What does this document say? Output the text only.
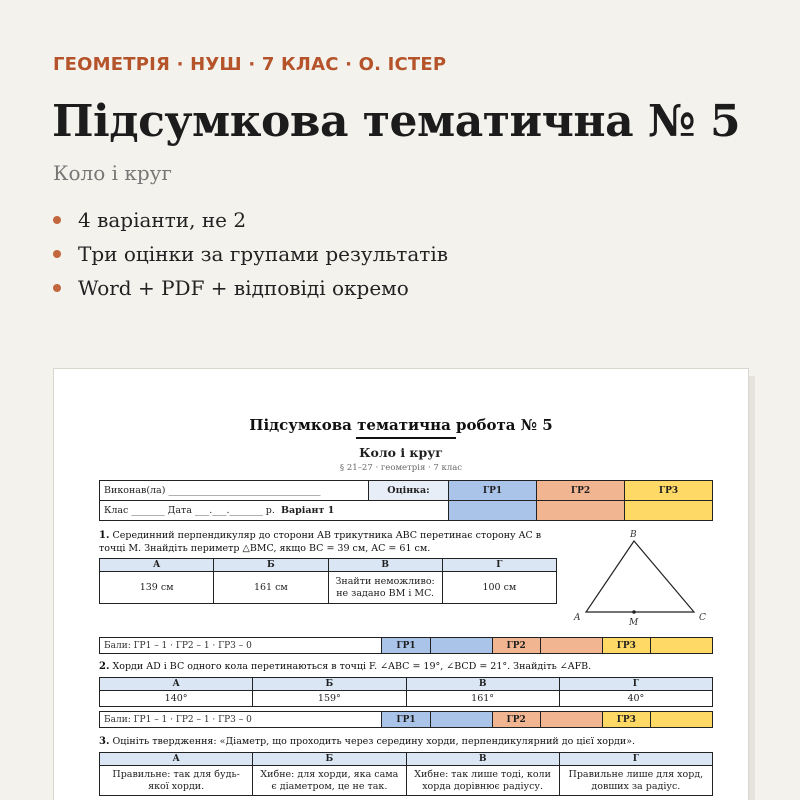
ГЕОМЕТРІЯ · НУШ · 7 КЛАС · О. ІСТЕР
Підсумкова тематична № 5
Коло і круг
4 варіанти, не 2
Три оцінки за групами результатів
Word + PDF + відповіді окремо
Підсумкова тематична робота № 5
Коло і круг
§ 21–27 · геометрія · 7 клас
Виконав(ла) ________________________________	Оцінка:	ГР1	ГР2	ГР3
Клас _______ Дата ___.___._______ р. Варіант 1				
1. Серединний перпендикуляр до сторони AB трикутника ABC перетинає сторону AC в точці M. Знайдіть периметр △BMC, якщо BC = 39 см, AC = 61 см.
А	Б	В	Г
139 см	161 см	Знайти неможливо: не задано BM і MC.	100 см
B
A	M	C
Бали: ГР1 – 1 · ГР2 – 1 · ГР3 – 0	ГР1		ГР2		ГР3	
2. Хорди AD і BC одного кола перетинаються в точці F. ∠ABC = 19°, ∠BCD = 21°. Знайдіть ∠AFB.
А	Б	В	Г
140°	159°	161°	40°
Бали: ГР1 – 1 · ГР2 – 1 · ГР3 – 0	ГР1		ГР2		ГР3	
3. Оцініть твердження: «Діаметр, що проходить через середину хорди, перпендикулярний до цієї хорди».
А	Б	В	Г
Правильне: так для будь-якої хорди.	Хибне: для хорди, яка сама є діаметром, це не так.	Хибне: так лише тоді, коли хорда дорівнює радіусу.	Правильне лише для хорд, довших за радіус.
